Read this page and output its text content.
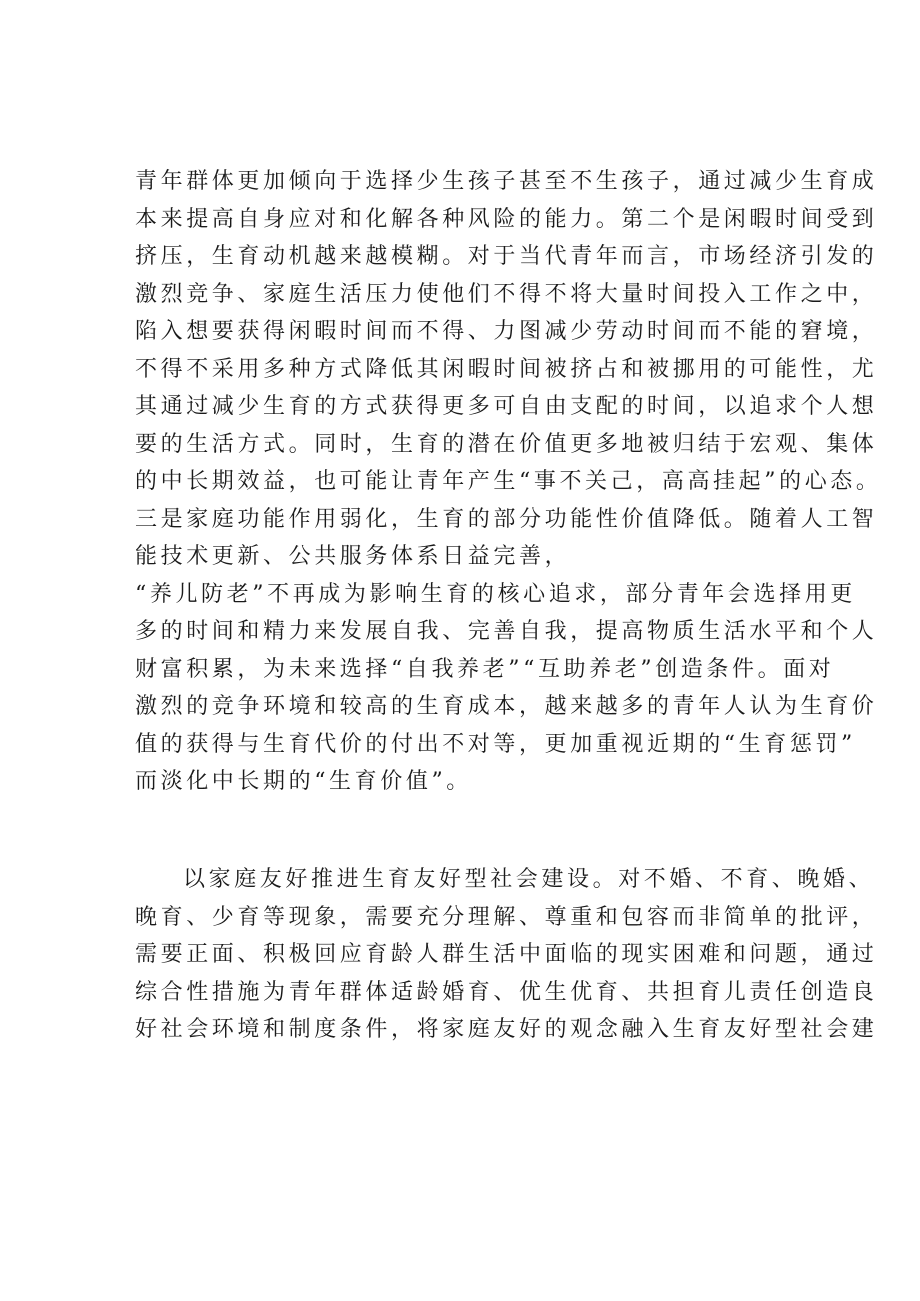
青年群体更加倾向于选择少生孩子甚至不生孩子，通过减少生育成
本来提高自身应对和化解各种风险的能力。第二个是闲暇时间受到
挤压，生育动机越来越模糊。对于当代青年而言，市场经济引发的
激烈竞争、家庭生活压力使他们不得不将大量时间投入工作之中，
陷入想要获得闲暇时间而不得、力图减少劳动时间而不能的窘境，
不得不采用多种方式降低其闲暇时间被挤占和被挪用的可能性，尤
其通过减少生育的方式获得更多可自由支配的时间，以追求个人想
要的生活方式。同时，生育的潜在价值更多地被归结于宏观、集体
的中长期效益，也可能让青年产生“事不关己，高高挂起”的心态。
三是家庭功能作用弱化，生育的部分功能性价值降低。随着人工智
能技术更新、公共服务体系日益完善，
“养儿防老”不再成为影响生育的核心追求，部分青年会选择用更
多的时间和精力来发展自我、完善自我，提高物质生活水平和个人
财富积累，为未来选择“自我养老”“互助养老”创造条件。面对
激烈的竞争环境和较高的生育成本，越来越多的青年人认为生育价
值的获得与生育代价的付出不对等，更加重视近期的“生育惩罚”
而淡化中长期的“生育价值”。
以家庭友好推进生育友好型社会建设。对不婚、不育、晚婚、
晚育、少育等现象，需要充分理解、尊重和包容而非简单的批评，
需要正面、积极回应育龄人群生活中面临的现实困难和问题，通过
综合性措施为青年群体适龄婚育、优生优育、共担育儿责任创造良
好社会环境和制度条件，将家庭友好的观念融入生育友好型社会建
